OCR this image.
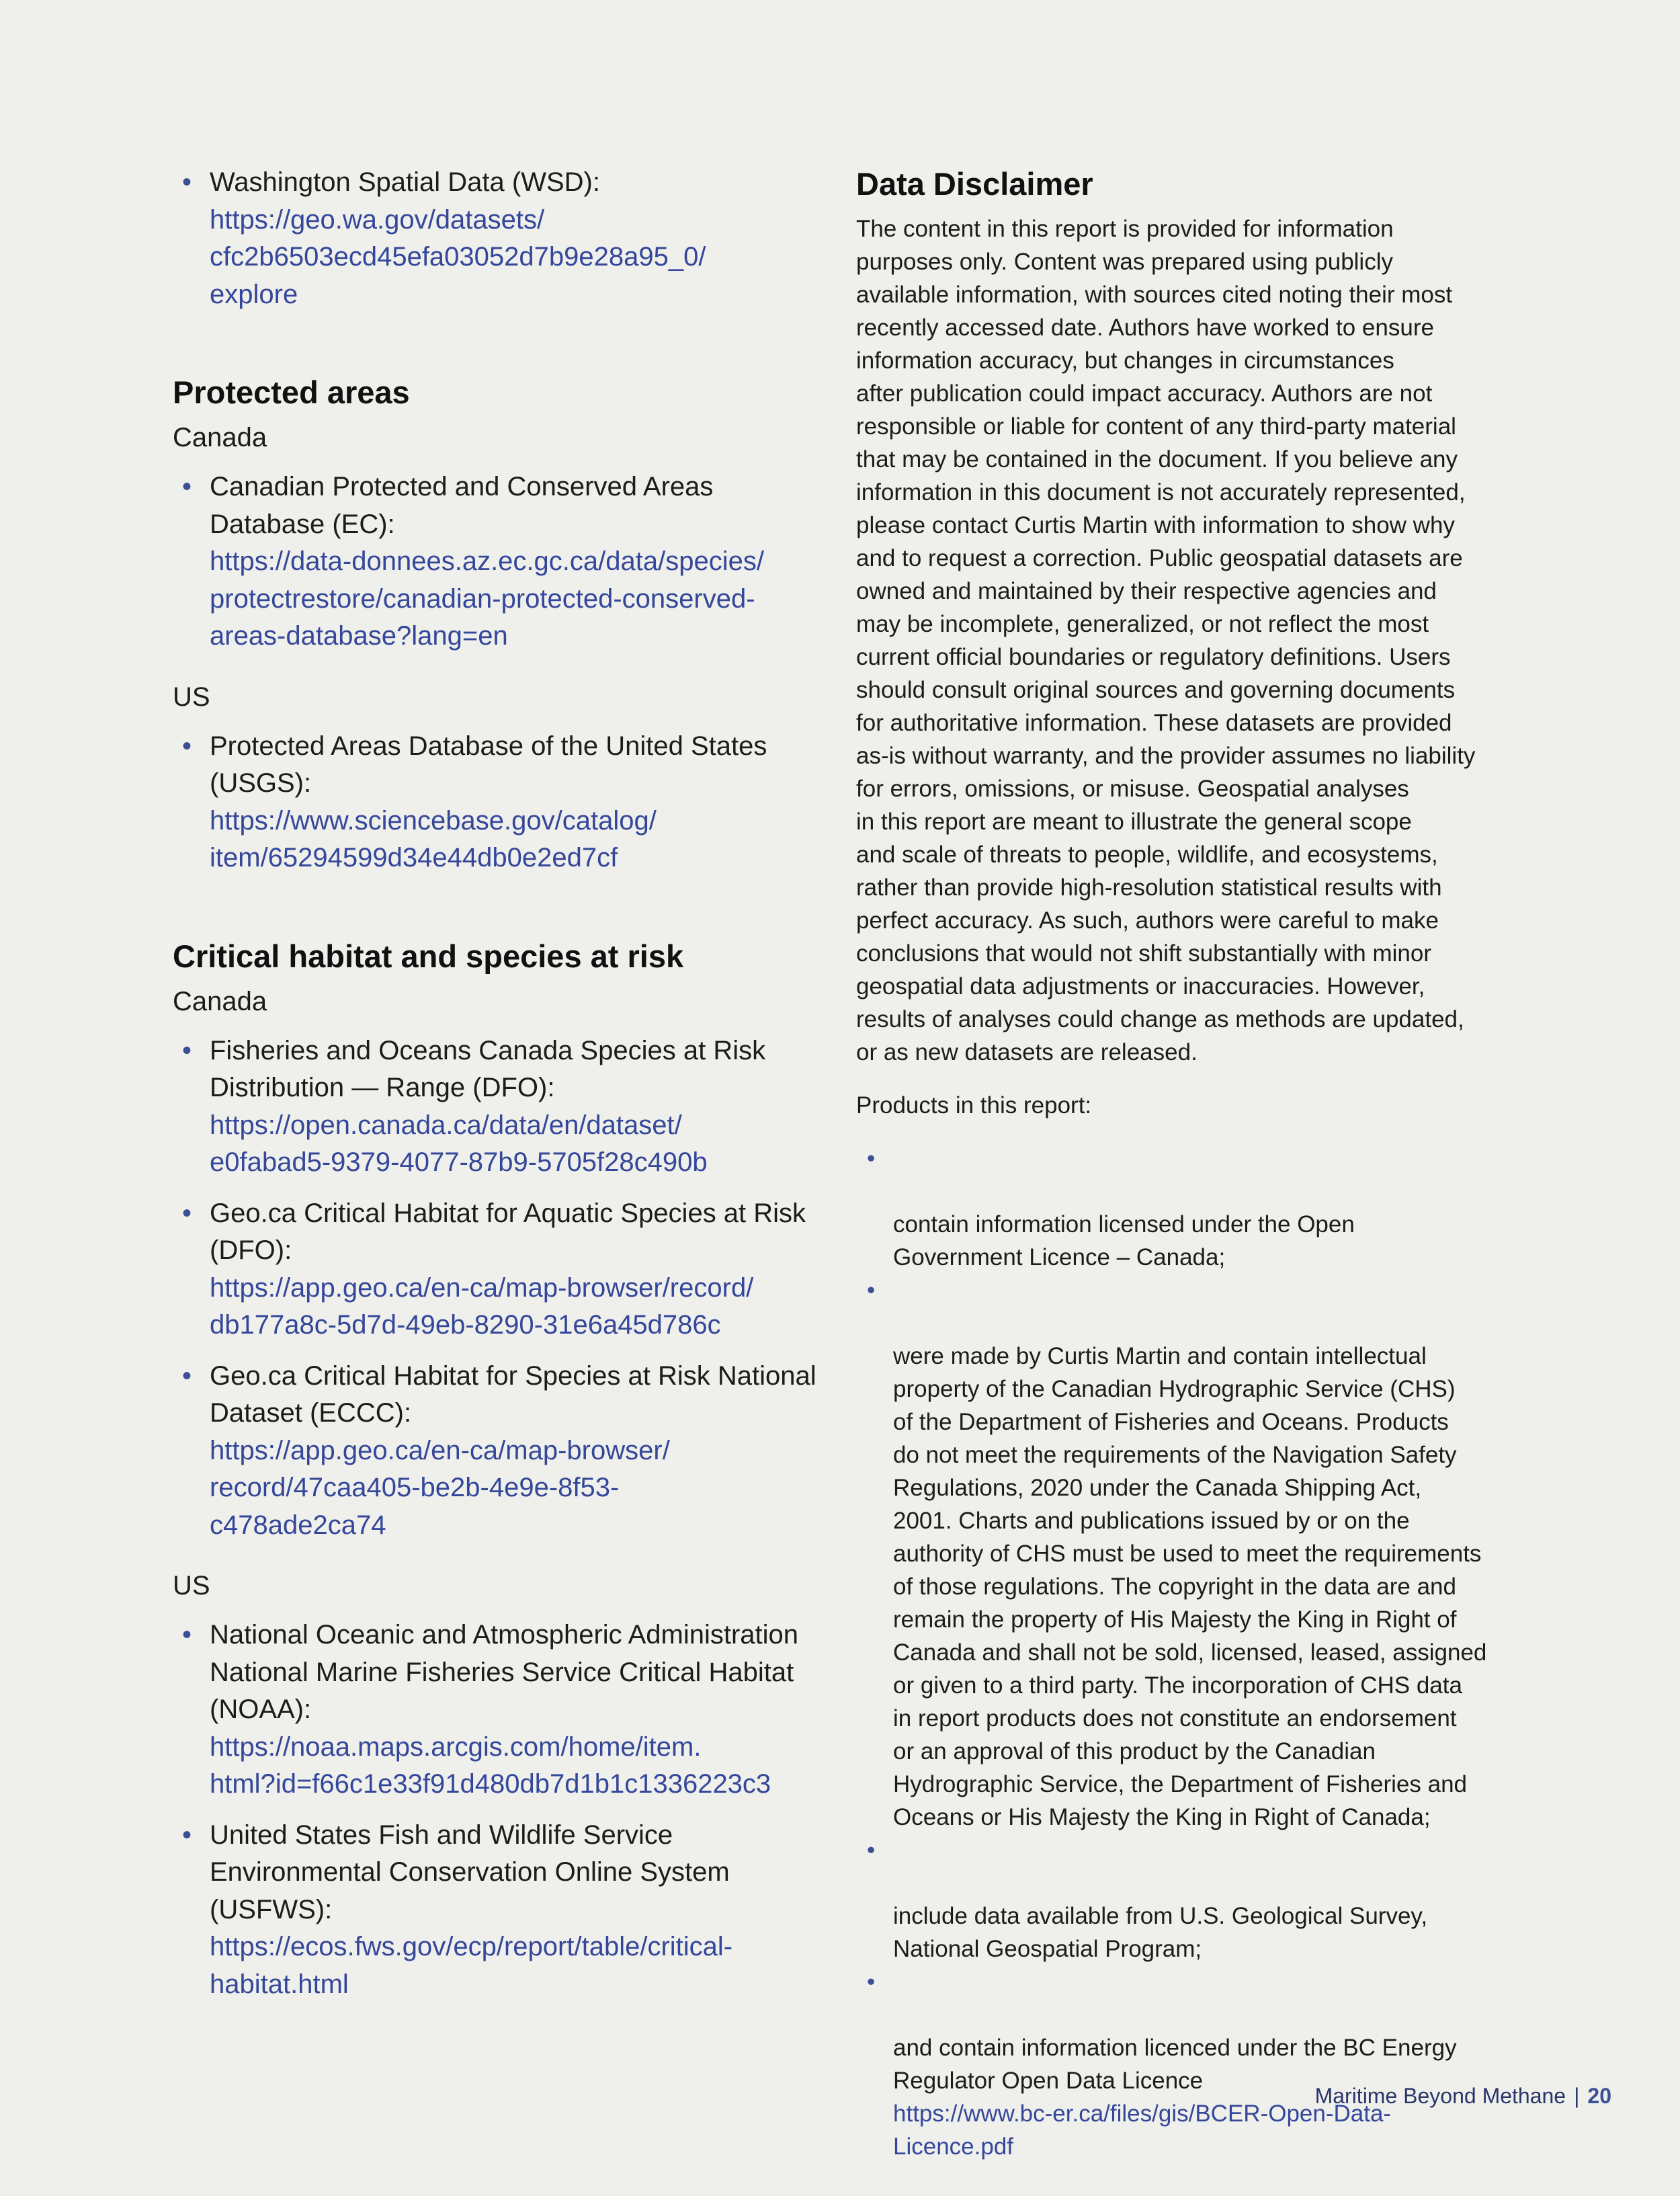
• Washington Spatial Data (WSD):
https://geo.wa.gov/datasets/
cfc2b6503ecd45efa03052d7b9e28a95_0/
explore
Protected areas
Canada
• Canadian Protected and Conserved Areas Database (EC):
https://data-donnees.az.ec.gc.ca/data/species/
protectrestore/canadian-protected-conserved-
areas-database?lang=en
US
• Protected Areas Database of the United States (USGS):
https://www.sciencebase.gov/catalog/
item/65294599d34e44db0e2ed7cf
Critical habitat and species at risk
Canada
• Fisheries and Oceans Canada Species at Risk Distribution — Range (DFO):
https://open.canada.ca/data/en/dataset/
e0fabad5-9379-4077-87b9-5705f28c490b
• Geo.ca Critical Habitat for Aquatic Species at Risk (DFO):
https://app.geo.ca/en-ca/map-browser/record/
db177a8c-5d7d-49eb-8290-31e6a45d786c
• Geo.ca Critical Habitat for Species at Risk National Dataset (ECCC):
https://app.geo.ca/en-ca/map-browser/
record/47caa405-be2b-4e9e-8f53-
c478ade2ca74
US
• National Oceanic and Atmospheric Administration National Marine Fisheries Service Critical Habitat (NOAA):
https://noaa.maps.arcgis.com/home/item.
html?id=f66c1e33f91d480db7d1b1c1336223c3
• United States Fish and Wildlife Service Environmental Conservation Online System (USFWS):
https://ecos.fws.gov/ecp/report/table/critical-
habitat.html
Data Disclaimer
The content in this report is provided for information
purposes only. Content was prepared using publicly
available information, with sources cited noting their most
recently accessed date. Authors have worked to ensure
information accuracy, but changes in circumstances
after publication could impact accuracy. Authors are not
responsible or liable for content of any third-party material
that may be contained in the document. If you believe any
information in this document is not accurately represented,
please contact Curtis Martin with information to show why
and to request a correction. Public geospatial datasets are
owned and maintained by their respective agencies and
may be incomplete, generalized, or not reflect the most
current official boundaries or regulatory definitions. Users
should consult original sources and governing documents
for authoritative information. These datasets are provided
as-is without warranty, and the provider assumes no liability
for errors, omissions, or misuse. Geospatial analyses
in this report are meant to illustrate the general scope
and scale of threats to people, wildlife, and ecosystems,
rather than provide high-resolution statistical results with
perfect accuracy. As such, authors were careful to make
conclusions that would not shift substantially with minor
geospatial data adjustments or inaccuracies. However,
results of analyses could change as methods are updated,
or as new datasets are released.
Products in this report:

•

contain information licensed under the Open
Government Licence – Canada;

•

were made by Curtis Martin and contain intellectual
property of the Canadian Hydrographic Service (CHS)
of the Department of Fisheries and Oceans. Products
do not meet the requirements of the Navigation Safety
Regulations, 2020 under the Canada Shipping Act,
2001. Charts and publications issued by or on the
authority of CHS must be used to meet the requirements
of those regulations. The copyright in the data are and
remain the property of His Majesty the King in Right of
Canada and shall not be sold, licensed, leased, assigned
or given to a third party. The incorporation of CHS data
in report products does not constitute an endorsement
or an approval of this product by the Canadian
Hydrographic Service, the Department of Fisheries and
Oceans or His Majesty the King in Right of Canada;

•

include data available from U.S. Geological Survey,
National Geospatial Program;

•

and contain information licenced under the BC Energy
Regulator Open Data Licence

https://www.bc-er.ca/files/gis/BCER-Open-Data-
Licence.pdf

Maritime Beyond Methane | 20
